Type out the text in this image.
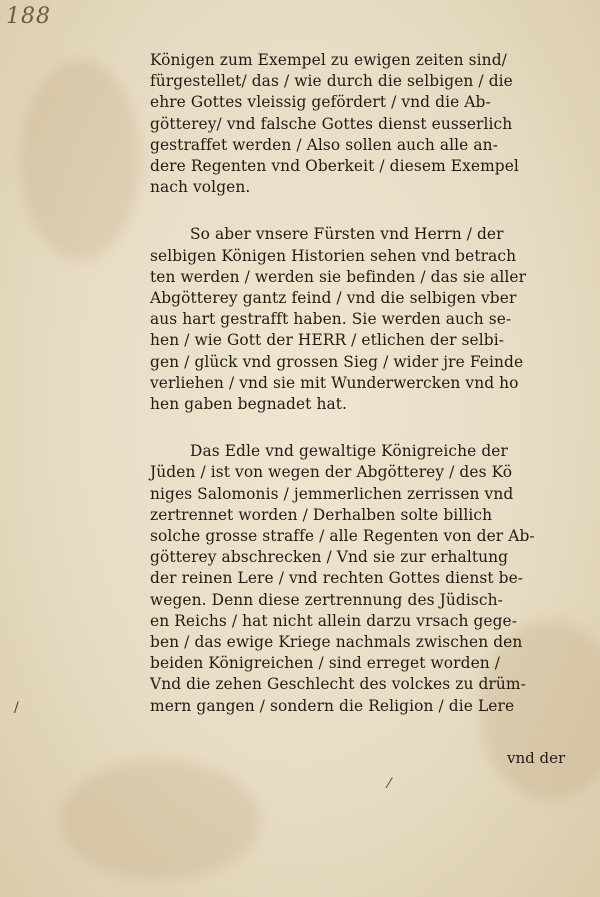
188
/
⁄
Königen zum Exempel zu ewigen zeiten sind/
fürgestellet/ das / wie durch die selbigen / die
ehre Gottes vleissig gefördert / vnd die Ab-
götterey/ vnd falsche Gottes dienst eusserlich
gestraffet werden / Also sollen auch alle an-
dere Regenten vnd Oberkeit / diesem Exempel
nach volgen.
So aber vnsere Fürsten vnd Herrn / der
selbigen Königen Historien sehen vnd betrach
ten werden / werden sie befinden / das sie aller
Abgötterey gantz feind / vnd die selbigen vber
aus hart gestrafft haben. Sie werden auch se-
hen / wie Gott der HERR / etlichen der selbi-
gen / glück vnd grossen Sieg / wider jre Feinde
verliehen / vnd sie mit Wunderwercken vnd ho
hen gaben begnadet hat.
Das Edle vnd gewaltige Königreiche der
Jüden / ist von wegen der Abgötterey / des Kö
niges Salomonis / jemmerlichen zerrissen vnd
zertrennet worden / Derhalben solte billich
solche grosse straffe / alle Regenten von der Ab-
götterey abschrecken / Vnd sie zur erhaltung
der reinen Lere / vnd rechten Gottes dienst be-
wegen. Denn diese zertrennung des Jüdisch-
en Reichs / hat nicht allein darzu vrsach gege-
ben / das ewige Kriege nachmals zwischen den
beiden Königreichen / sind erreget worden /
Vnd die zehen Geschlecht des volckes zu drüm-
mern gangen / sondern die Religion / die Lere
vnd der
